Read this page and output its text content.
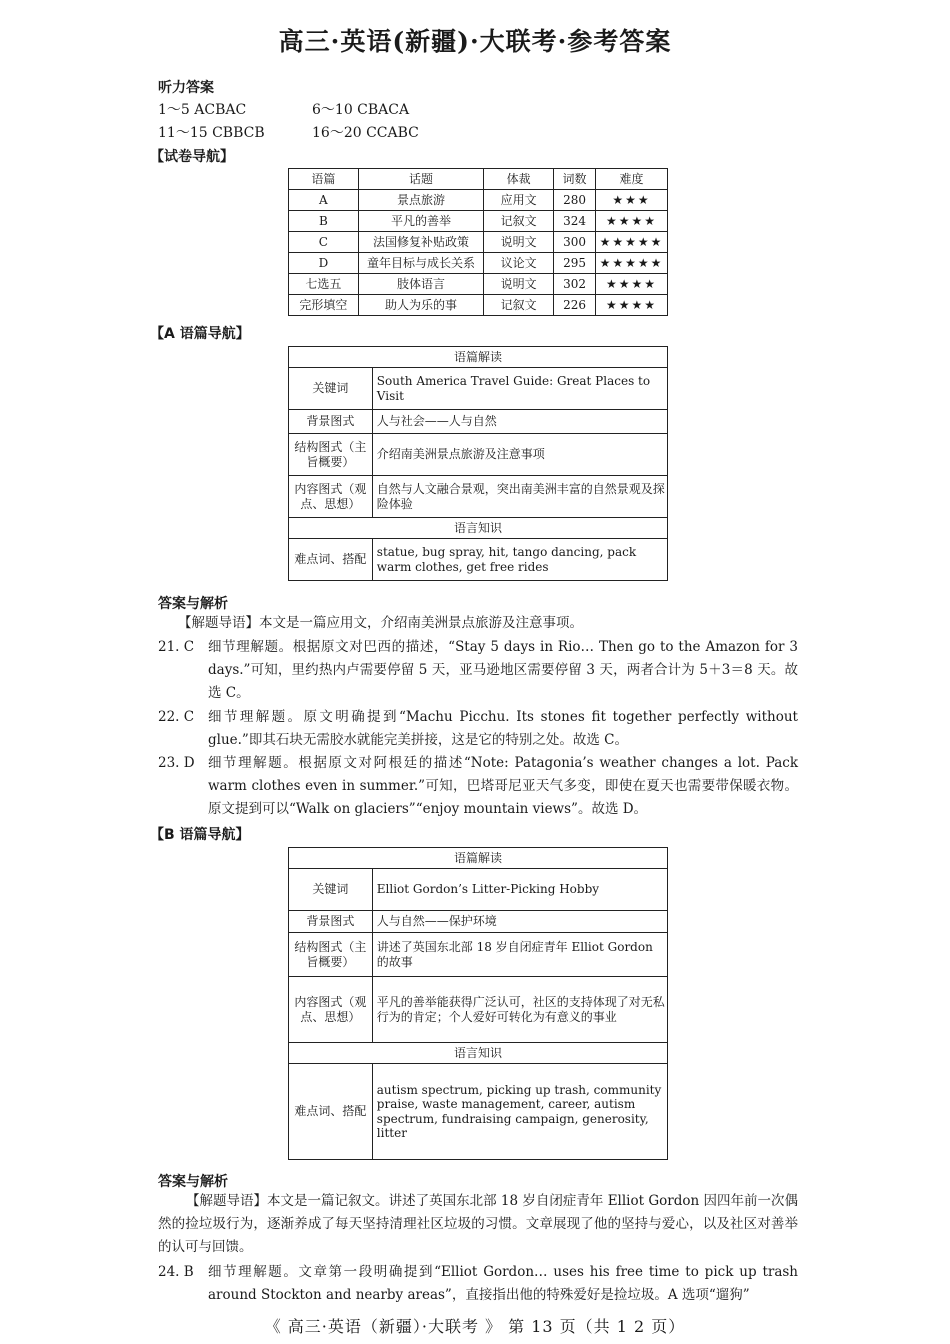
高三·英语(新疆)·大联考·参考答案
听力答案
1～5 ACBAC	6～10 CBACA
11～15 CBBCB	16～20 CCABC
【试卷导航】
语篇	话题	体裁	词数	难度
A	景点旅游	应用文	280	★★★
B	平凡的善举	记叙文	324	★★★★
C	法国修复补贴政策	说明文	300	★★★★★
D	童年目标与成长关系	议论文	295	★★★★★
七选五	肢体语言	说明文	302	★★★★
完形填空	助人为乐的事	记叙文	226	★★★★
【A 语篇导航】
语篇解读	
关键词	South America Travel Guide: Great Places to Visit
背景图式	人与社会——人与自然
结构图式（主旨概要）	介绍南美洲景点旅游及注意事项
内容图式（观点、思想）	自然与人文融合景观，突出南美洲丰富的自然景观及探险体验
语言知识	
难点词、搭配	statue, bug spray, hit, tango dancing, pack warm clothes, get free rides
答案与解析
【解题导语】本文是一篇应用文，介绍南美洲景点旅游及注意事项。
21. C 细节理解题。根据原文对巴西的描述，“Stay 5 days in Rio… Then go to the Amazon for 3 days.”可知，里约热内卢需要停留 5 天，亚马逊地区需要停留 3 天，两者合计为 5＋3＝8 天。故选 C。
22. C 细节理解题。原文明确提到“Machu Picchu. Its stones fit together perfectly without glue.”即其石块无需胶水就能完美拼接，这是它的特别之处。故选 C。
23. D 细节理解题。根据原文对阿根廷的描述“Note: Patagonia’s weather changes a lot. Pack warm clothes even in summer.”可知，巴塔哥尼亚天气多变，即使在夏天也需要带保暖衣物。原文提到可以“Walk on glaciers”“enjoy mountain views”。故选 D。
【B 语篇导航】
语篇解读	
关键词	Elliot Gordon’s Litter-Picking Hobby
背景图式	人与自然——保护环境
结构图式（主旨概要）	讲述了英国东北部 18 岁自闭症青年 Elliot Gordon 的故事
内容图式（观点、思想）	平凡的善举能获得广泛认可，社区的支持体现了对无私行为的肯定；个人爱好可转化为有意义的事业
语言知识	
难点词、搭配	autism spectrum, picking up trash, community praise, waste management, career, autism spectrum, fundraising campaign, generosity, litter
答案与解析
【解题导语】本文是一篇记叙文。讲述了英国东北部 18 岁自闭症青年 Elliot Gordon 因四年前一次偶然的捡垃圾行为，逐渐养成了每天坚持清理社区垃圾的习惯。文章展现了他的坚持与爱心，以及社区对善举的认可与回馈。
24. B 细节理解题。文章第一段明确提到“Elliot Gordon… uses his free time to pick up trash around Stockton and nearby areas”，直接指出他的特殊爱好是捡垃圾。A 选项“遛狗”
《 高三·英语（新疆）·大联考 》 第 13 页（共 1 2 页）
